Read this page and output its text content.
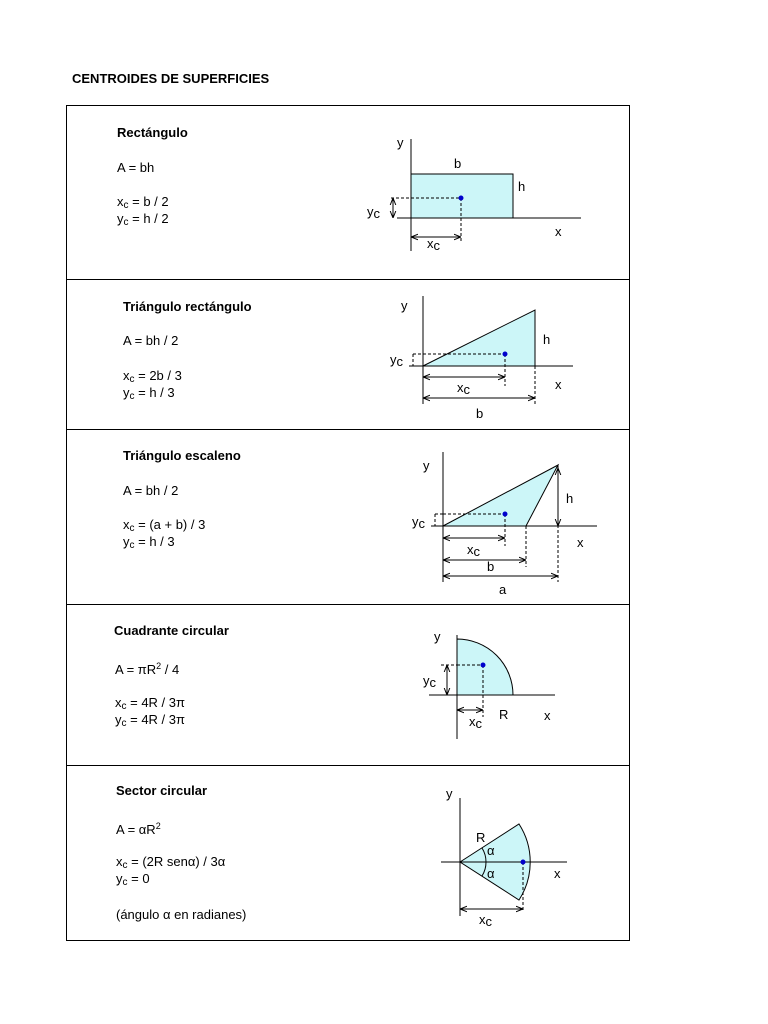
CENTROIDES DE SUPERFICIES
Rectángulo
A = bh
$x_c = b / 2$
$y_c = h / 2$
y
x
b
h
yc
xc
Triángulo rectángulo
A = bh / 2
$x_c = 2b / 3$
$y_c = h / 3$
y
x
h
b
yc
xc
Triángulo escaleno
A = bh / 2
$x_c = (a + b) / 3$
$y_c = h / 3$
y
x
h
b
a
yc
xc
Cuadrante circular
$A = \pi R^2 / 4$
$x_c = 4R / 3\pi$
$y_c = 4R / 3\pi$
y
x
R
yc
xc
Sector circular
$A = \alpha R^2$
$x_c = (2R$ senα) / 3α
$y_c = 0$
(ángulo α en radianes)
y
x
R
α
α
xc
